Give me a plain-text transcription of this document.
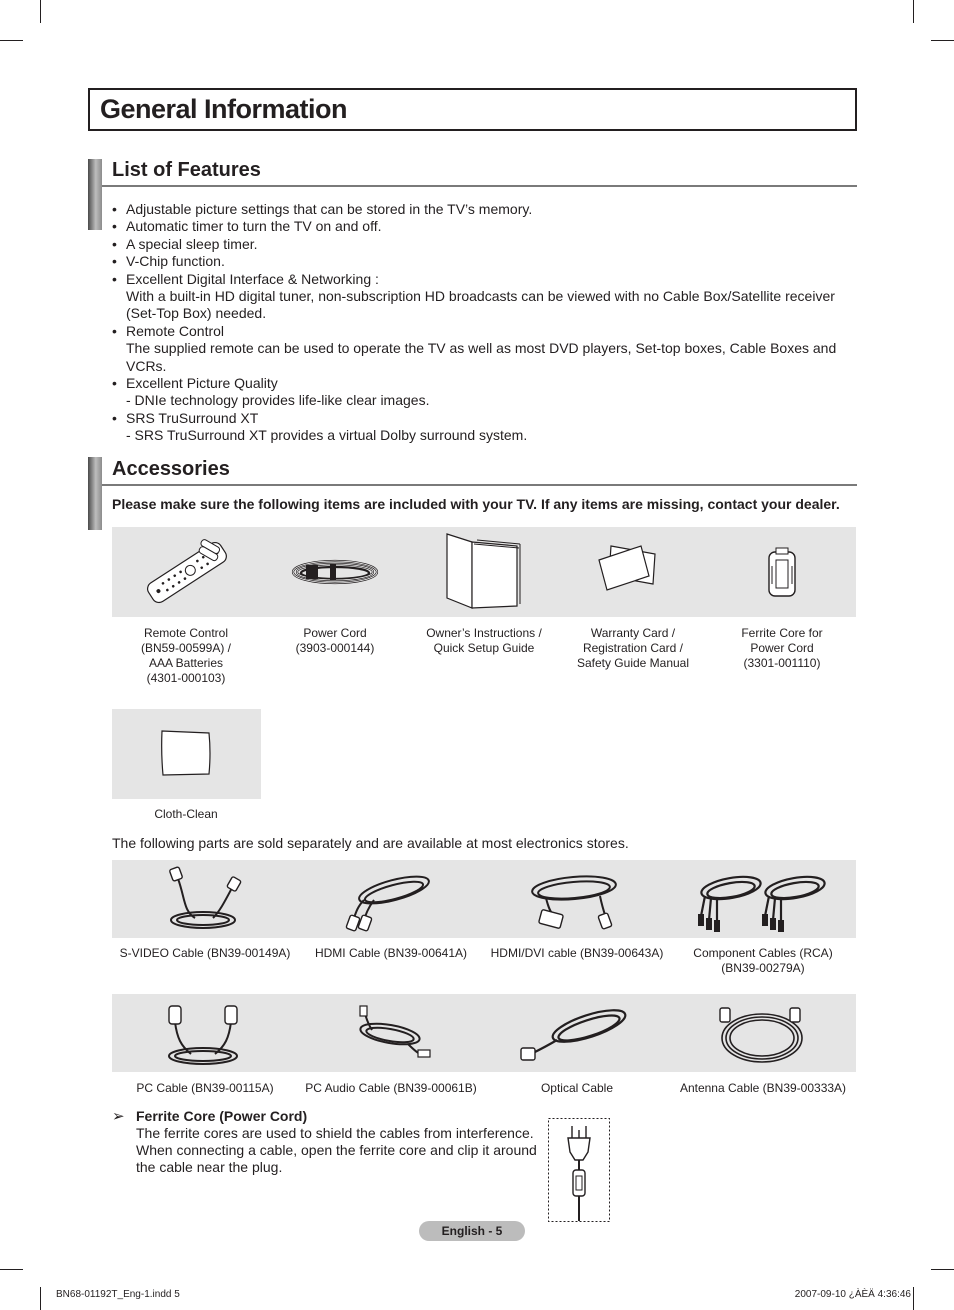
General Information
List of Features
• Adjustable picture settings that can be stored in the TV’s memory.
• Automatic timer to turn the TV on and off.
• A special sleep timer.
• V-Chip function.
• Excellent Digital Interface & Networking :
With a built-in HD digital tuner, non-subscription HD broadcasts can be viewed with no Cable Box/Satellite receiver (Set-Top Box) needed.
• Remote Control
The supplied remote can be used to operate the TV as well as most DVD players, Set-top boxes, Cable Boxes and VCRs.
• Excellent Picture Quality
- DNIe technology provides life-like clear images.
• SRS TruSurround XT
- SRS TruSurround XT provides a virtual Dolby surround system.
Accessories
Please make sure the following items are included with your TV. If any items are missing, contact your dealer.
Remote Control
(BN59-00599A) /
AAA Batteries
(4301-000103)
Power Cord
(3903-000144)
Owner’s Instructions /
Quick Setup Guide
Warranty Card /
Registration Card /
Safety Guide Manual
Ferrite Core for
Power Cord
(3301-001110)
Cloth-Clean
The following parts are sold separately and are available at most electronics stores.
S-VIDEO Cable (BN39-00149A)	HDMI Cable (BN39-00641A)	HDMI/DVI cable (BN39-00643A)	Component Cables (RCA)
(BN39-00279A)
PC Cable (BN39-00115A)	PC Audio Cable (BN39-00061B)	Optical Cable	Antenna Cable (BN39-00333A)
➢ Ferrite Core (Power Cord)
The ferrite cores are used to shield the cables from interference.
When connecting a cable, open the ferrite core and clip it around
the cable near the plug.
English - 5
BN68-01192T_Eng-1.indd 5	2007-09-10 ¿ÀÈÄ 4:36:46
